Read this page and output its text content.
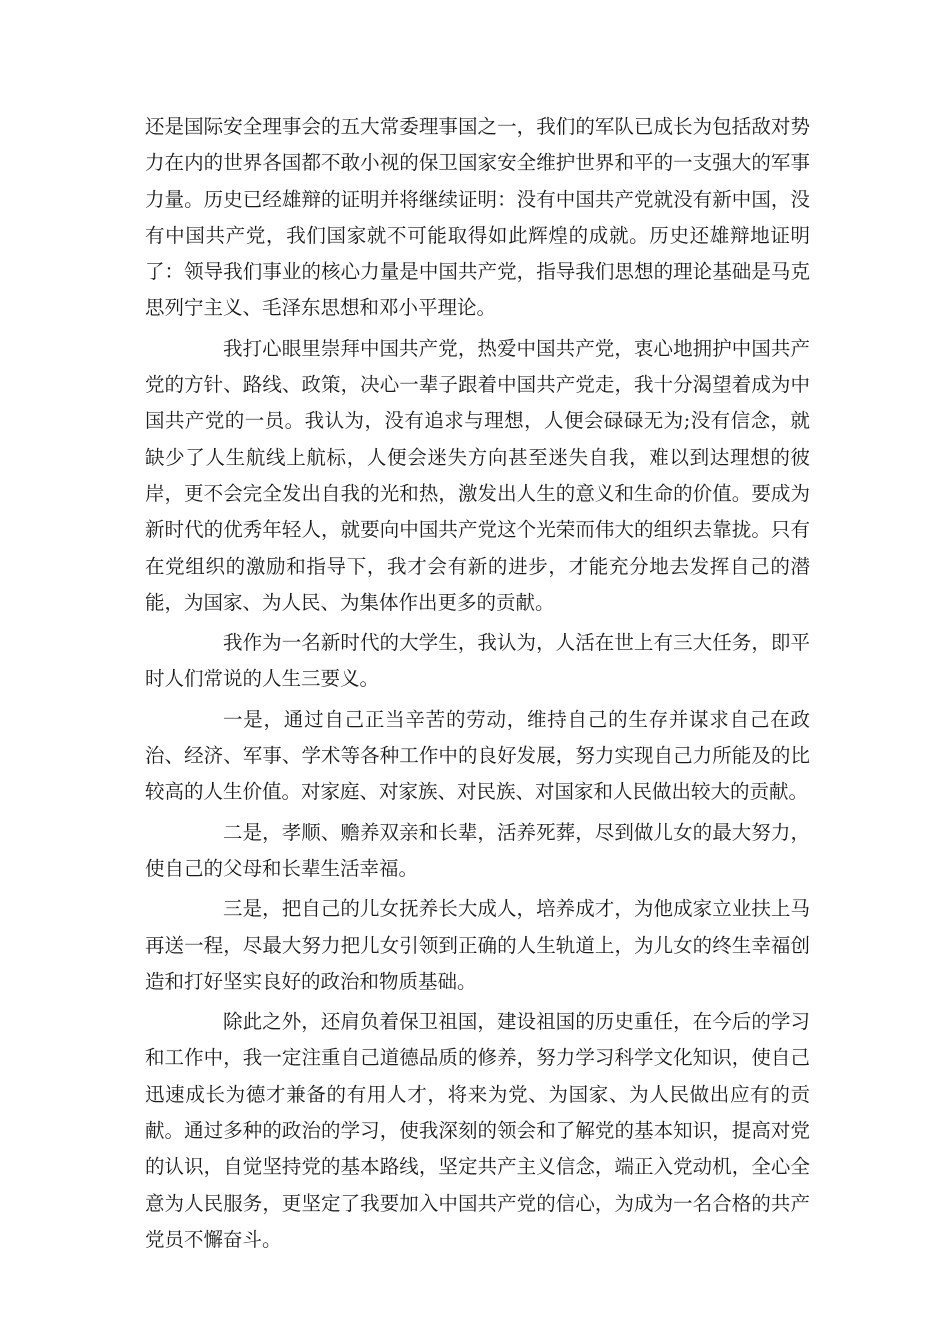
还是国际安全理事会的五大常委理事国之一，我们的军队已成长为包括敌对势力在内的世界各国都不敢小视的保卫国家安全维护世界和平的一支强大的军事力量。历史已经雄辩的证明并将继续证明：没有中国共产党就没有新中国，没有中国共产党，我们国家就不可能取得如此辉煌的成就。历史还雄辩地证明了：领导我们事业的核心力量是中国共产党，指导我们思想的理论基础是马克思列宁主义、毛泽东思想和邓小平理论。

我打心眼里崇拜中国共产党，热爱中国共产党，衷心地拥护中国共产党的方针、路线、政策，决心一辈子跟着中国共产党走，我十分渴望着成为中国共产党的一员。我认为，没有追求与理想，人便会碌碌无为;没有信念，就缺少了人生航线上航标，人便会迷失方向甚至迷失自我，难以到达理想的彼岸，更不会完全发出自我的光和热，激发出人生的意义和生命的价值。要成为新时代的优秀年轻人，就要向中国共产党这个光荣而伟大的组织去靠拢。只有在党组织的激励和指导下，我才会有新的进步，才能充分地去发挥自己的潜能，为国家、为人民、为集体作出更多的贡献。

我作为一名新时代的大学生，我认为，人活在世上有三大任务，即平时人们常说的人生三要义。

一是，通过自己正当辛苦的劳动，维持自己的生存并谋求自己在政治、经济、军事、学术等各种工作中的良好发展，努力实现自己力所能及的比较高的人生价值。对家庭、对家族、对民族、对国家和人民做出较大的贡献。

二是，孝顺、赡养双亲和长辈，活养死葬，尽到做儿女的最大努力，使自己的父母和长辈生活幸福。

三是，把自己的儿女抚养长大成人，培养成才，为他成家立业扶上马再送一程，尽最大努力把儿女引领到正确的人生轨道上，为儿女的终生幸福创造和打好坚实良好的政治和物质基础。

除此之外，还肩负着保卫祖国，建设祖国的历史重任，在今后的学习和工作中，我一定注重自己道德品质的修养，努力学习科学文化知识，使自己迅速成长为德才兼备的有用人才，将来为党、为国家、为人民做出应有的贡献。通过多种的政治的学习，使我深刻的领会和了解党的基本知识，提高对党的认识，自觉坚持党的基本路线，坚定共产主义信念，端正入党动机，全心全意为人民服务，更坚定了我要加入中国共产党的信心，为成为一名合格的共产党员不懈奋斗。
